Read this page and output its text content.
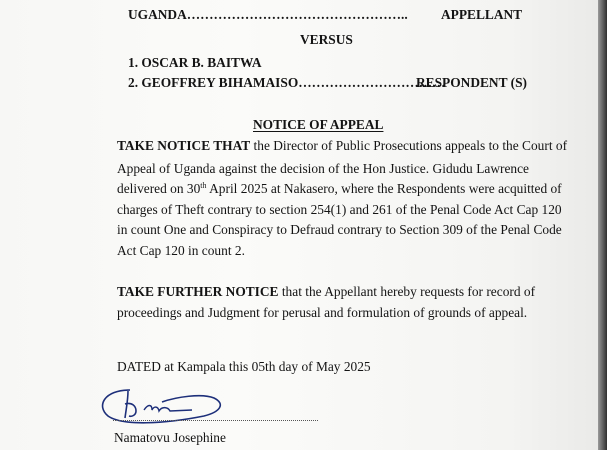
UGANDA………………………………………….. APPELLANT
VERSUS
1. OSCAR B. BAITWA
2. GEOFFREY BIHAMAISO……………………………
RESPONDENT (S)
NOTICE OF APPEAL
TAKE NOTICE THAT the Director of Public Prosecutions appeals to the Court of
Appeal of Uganda against the decision of the Hon Justice. Gidudu Lawrence
delivered on 30th April 2025 at Nakasero, where the Respondents were acquitted of
charges of Theft contrary to section 254(1) and 261 of the Penal Code Act Cap 120
in count One and Conspiracy to Defraud contrary to Section 309 of the Penal Code
Act Cap 120 in count 2.
TAKE FURTHER NOTICE that the Appellant hereby requests for record of
proceedings and Judgment for perusal and formulation of grounds of appeal.
DATED at Kampala this 05th day of May 2025
Namatovu Josephine
